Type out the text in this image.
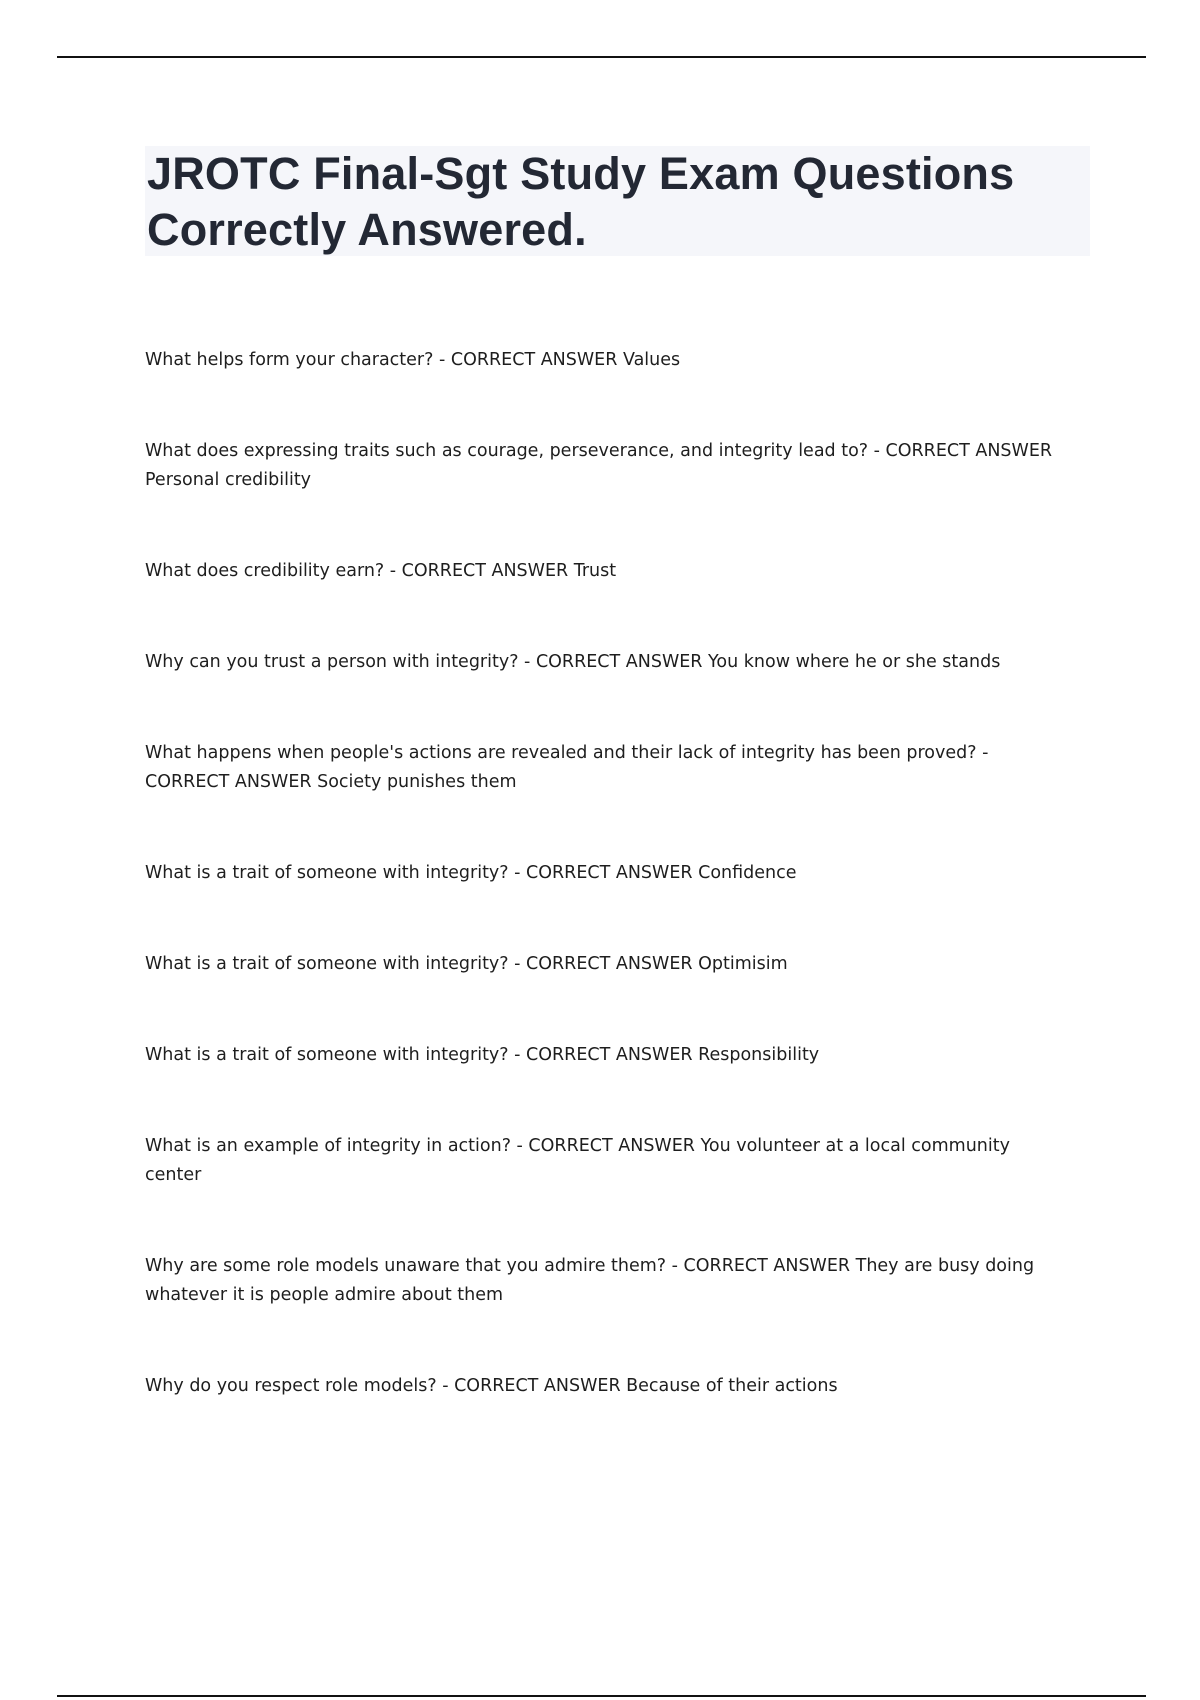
JROTC Final-Sgt Study Exam Questions
Correctly Answered.
What helps form your character? - CORRECT ANSWER Values
What does expressing traits such as courage, perseverance, and integrity lead to? - CORRECT ANSWER
Personal credibility
What does credibility earn? - CORRECT ANSWER Trust
Why can you trust a person with integrity? - CORRECT ANSWER You know where he or she stands
What happens when people's actions are revealed and their lack of integrity has been proved? -
CORRECT ANSWER Society punishes them
What is a trait of someone with integrity? - CORRECT ANSWER Confidence
What is a trait of someone with integrity? - CORRECT ANSWER Optimisim
What is a trait of someone with integrity? - CORRECT ANSWER Responsibility
What is an example of integrity in action? - CORRECT ANSWER You volunteer at a local community
center
Why are some role models unaware that you admire them? - CORRECT ANSWER They are busy doing
whatever it is people admire about them
Why do you respect role models? - CORRECT ANSWER Because of their actions
